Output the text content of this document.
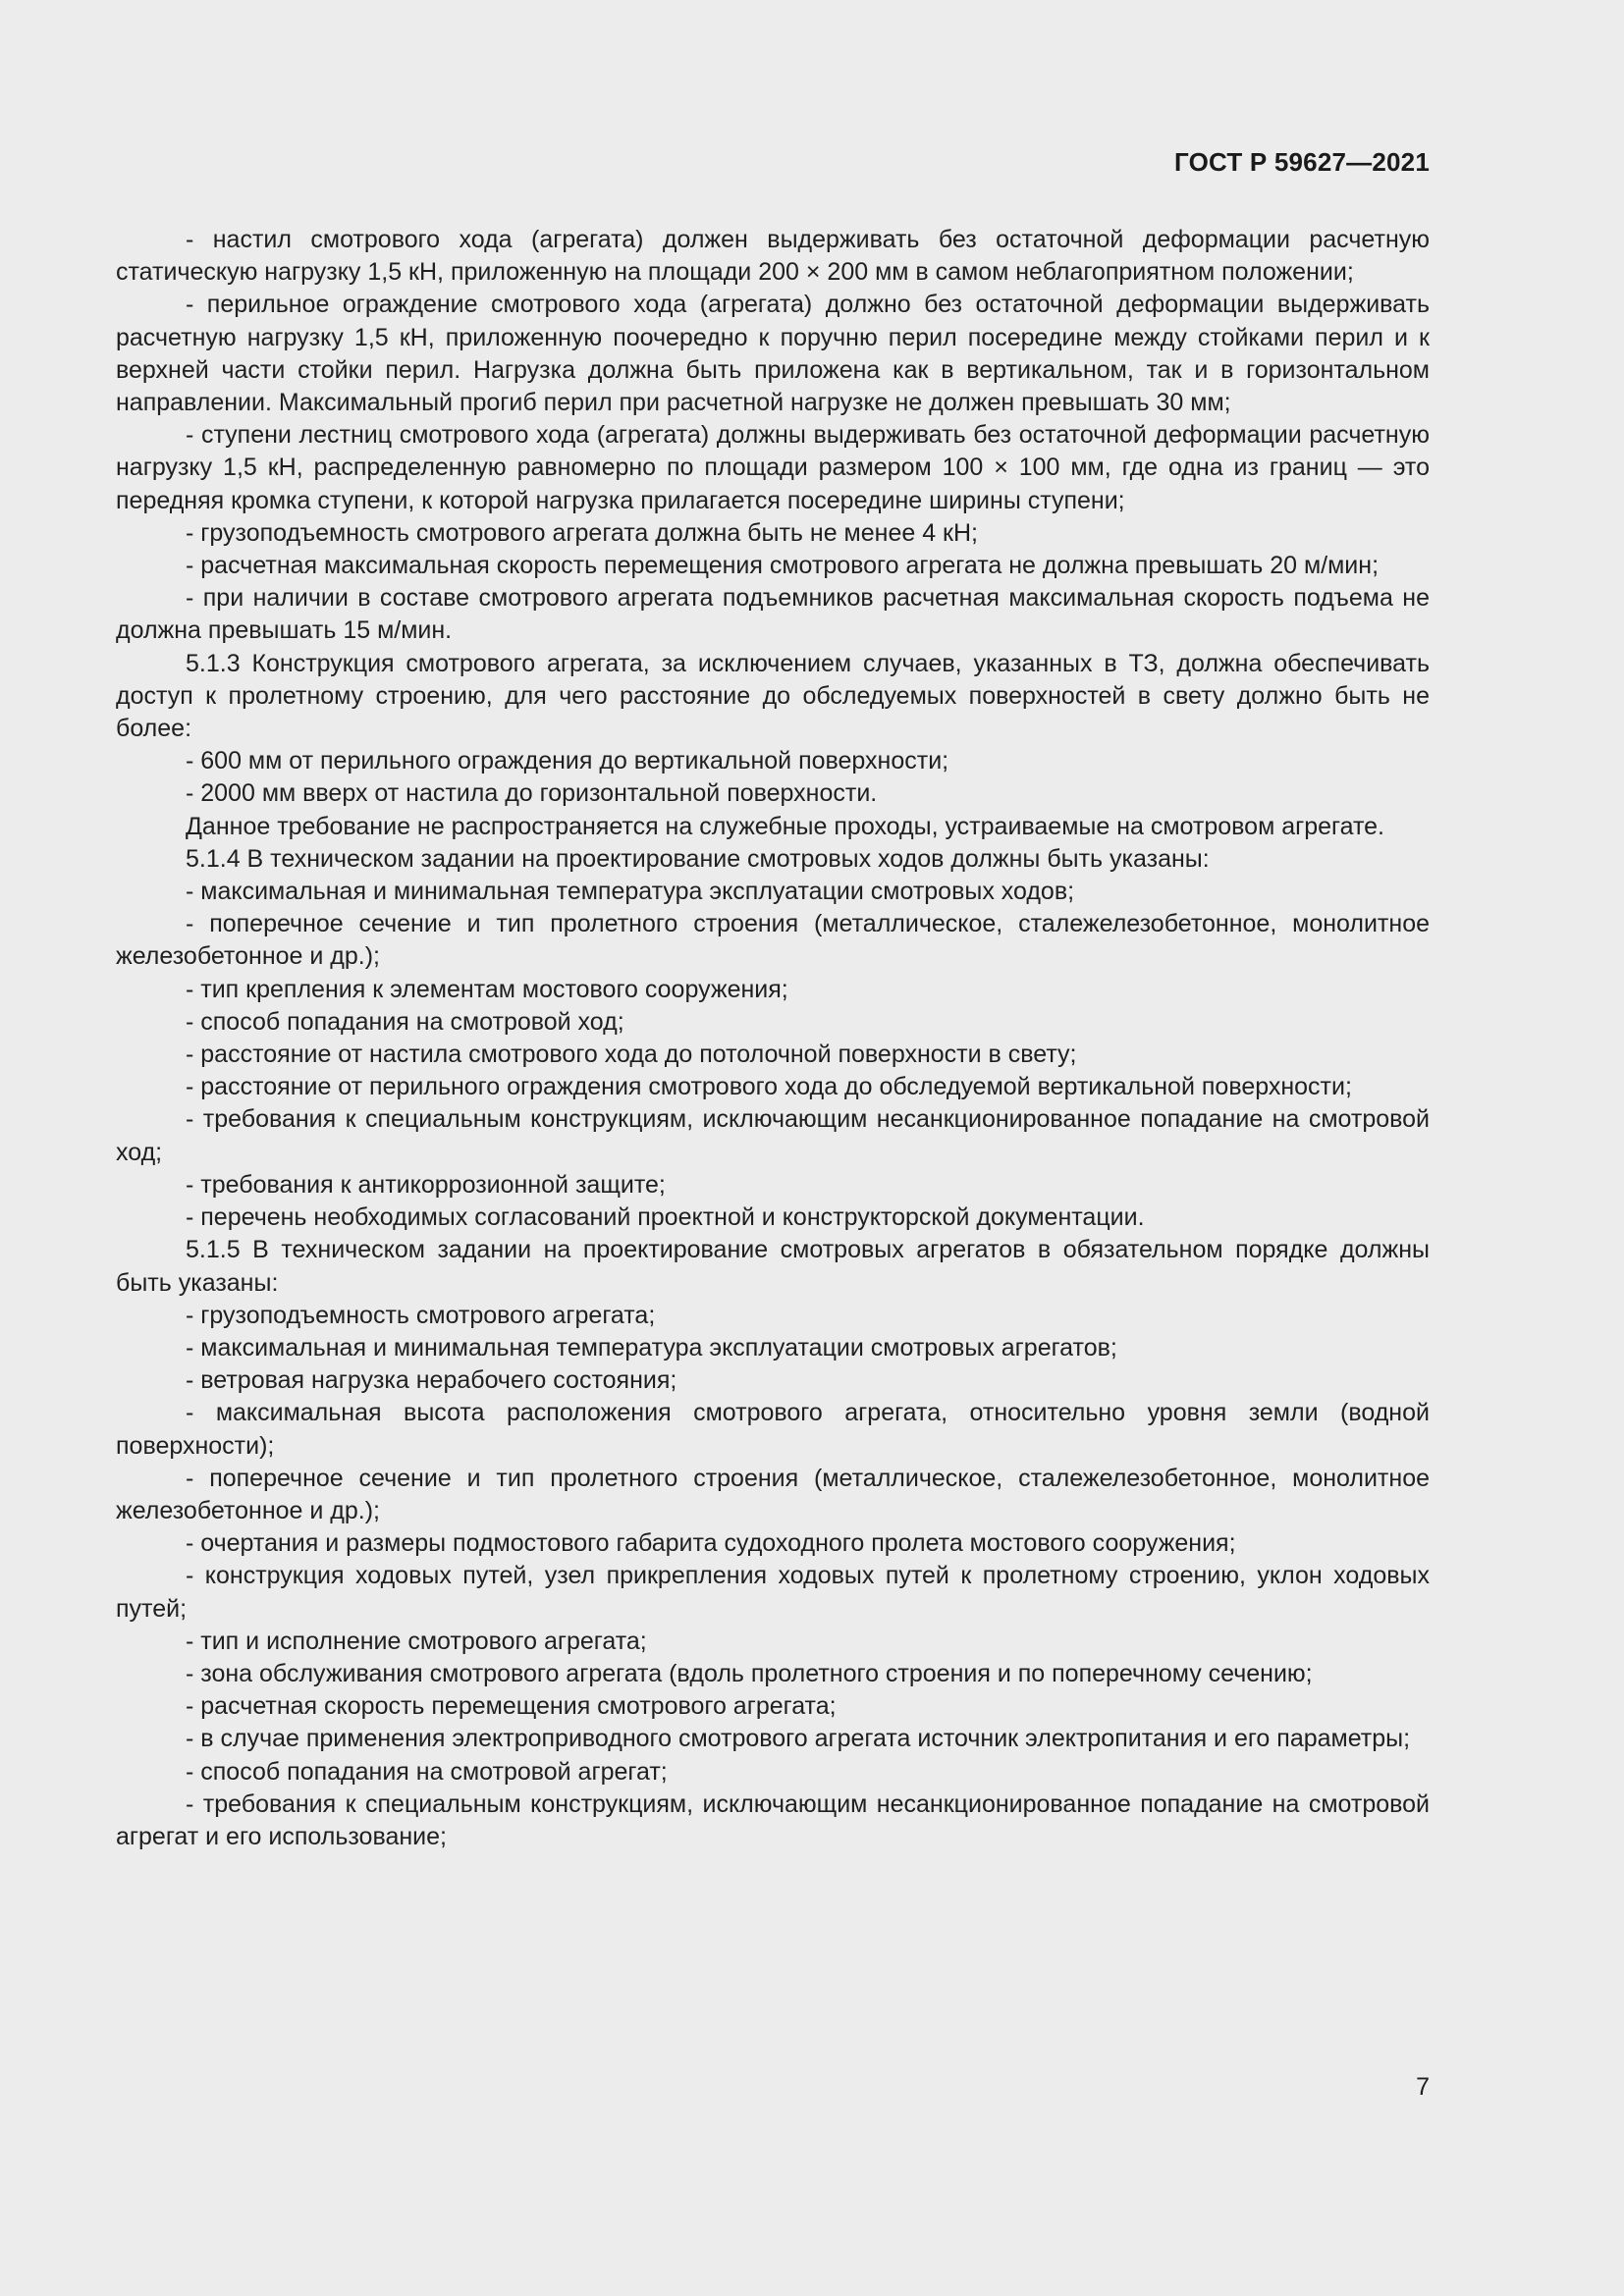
ГОСТ Р 59627—2021

- настил смотрового хода (агрегата) должен выдерживать без остаточной деформации расчетную статическую нагрузку 1,5 кН, приложенную на площади 200 × 200 мм в самом неблагоприятном положении;

- перильное ограждение смотрового хода (агрегата) должно без остаточной деформации выдерживать расчетную нагрузку 1,5 кН, приложенную поочередно к поручню перил посередине между стойками перил и к верхней части стойки перил. Нагрузка должна быть приложена как в вертикальном, так и в горизонтальном направлении. Максимальный прогиб перил при расчетной нагрузке не должен превышать 30 мм;

- ступени лестниц смотрового хода (агрегата) должны выдерживать без остаточной деформации расчетную нагрузку 1,5 кН, распределенную равномерно по площади размером 100 × 100 мм, где одна из границ — это передняя кромка ступени, к которой нагрузка прилагается посередине ширины ступени;

- грузоподъемность смотрового агрегата должна быть не менее 4 кН;

- расчетная максимальная скорость перемещения смотрового агрегата не должна превышать 20 м/мин;

- при наличии в составе смотрового агрегата подъемников расчетная максимальная скорость подъема не должна превышать 15 м/мин.

5.1.3 Конструкция смотрового агрегата, за исключением случаев, указанных в ТЗ, должна обеспечивать доступ к пролетному строению, для чего расстояние до обследуемых поверхностей в свету должно быть не более:

- 600 мм от перильного ограждения до вертикальной поверхности;

- 2000 мм вверх от настила до горизонтальной поверхности.

Данное требование не распространяется на служебные проходы, устраиваемые на смотровом агрегате.

5.1.4 В техническом задании на проектирование смотровых ходов должны быть указаны:

- максимальная и минимальная температура эксплуатации смотровых ходов;

- поперечное сечение и тип пролетного строения (металлическое, сталежелезобетонное, монолитное железобетонное и др.);

- тип крепления к элементам мостового сооружения;

- способ попадания на смотровой ход;

- расстояние от настила смотрового хода до потолочной поверхности в свету;

- расстояние от перильного ограждения смотрового хода до обследуемой вертикальной поверхности;

- требования к специальным конструкциям, исключающим несанкционированное попадание на смотровой ход;

- требования к антикоррозионной защите;

- перечень необходимых согласований проектной и конструкторской документации.

5.1.5 В техническом задании на проектирование смотровых агрегатов в обязательном порядке должны быть указаны:

- грузоподъемность смотрового агрегата;

- максимальная и минимальная температура эксплуатации смотровых агрегатов;

- ветровая нагрузка нерабочего состояния;

- максимальная высота расположения смотрового агрегата, относительно уровня земли (водной поверхности);

- поперечное сечение и тип пролетного строения (металлическое, сталежелезобетонное, монолитное железобетонное и др.);

- очертания и размеры подмостового габарита судоходного пролета мостового сооружения;

- конструкция ходовых путей, узел прикрепления ходовых путей к пролетному строению, уклон ходовых путей;

- тип и исполнение смотрового агрегата;

- зона обслуживания смотрового агрегата (вдоль пролетного строения и по поперечному сечению;

- расчетная скорость перемещения смотрового агрегата;

- в случае применения электроприводного смотрового агрегата источник электропитания и его параметры;

- способ попадания на смотровой агрегат;

- требования к специальным конструкциям, исключающим несанкционированное попадание на смотровой агрегат и его использование;

7
